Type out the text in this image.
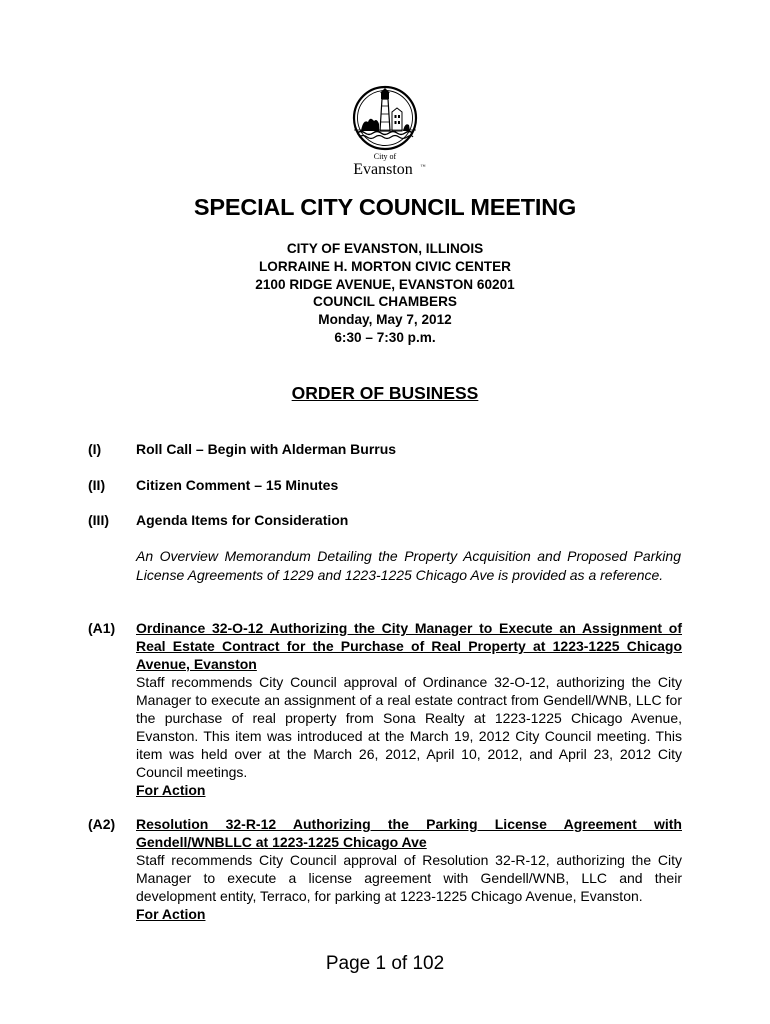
City of
Evanston ™
SPECIAL CITY COUNCIL MEETING
CITY OF EVANSTON, ILLINOIS
LORRAINE H. MORTON CIVIC CENTER
2100 RIDGE AVENUE, EVANSTON 60201
COUNCIL CHAMBERS
Monday, May 7, 2012
6:30 – 7:30 p.m.
ORDER OF BUSINESS
(I) Roll Call – Begin with Alderman Burrus
(II) Citizen Comment – 15 Minutes
(III) Agenda Items for Consideration
An Overview Memorandum Detailing the Property Acquisition and Proposed Parking License Agreements of 1229 and 1223-1225 Chicago Ave is provided as a reference.
(A1) Ordinance 32-O-12 Authorizing the City Manager to Execute an Assignment of Real Estate Contract for the Purchase of Real Property at 1223-1225 Chicago Avenue, Evanston
Staff recommends City Council approval of Ordinance 32-O-12, authorizing the City Manager to execute an assignment of a real estate contract from Gendell/WNB, LLC for the purchase of real property from Sona Realty at 1223-1225 Chicago Avenue, Evanston. This item was introduced at the March 19, 2012 City Council meeting. This item was held over at the March 26, 2012, April 10, 2012, and April 23, 2012 City Council meetings.
For Action
(A2) Resolution 32-R-12 Authorizing the Parking License Agreement with Gendell/WNBLLC at 1223-1225 Chicago Ave
Staff recommends City Council approval of Resolution 32-R-12, authorizing the City Manager to execute a license agreement with Gendell/WNB, LLC and their development entity, Terraco, for parking at 1223-1225 Chicago Avenue, Evanston.
For Action
Page 1 of 102
